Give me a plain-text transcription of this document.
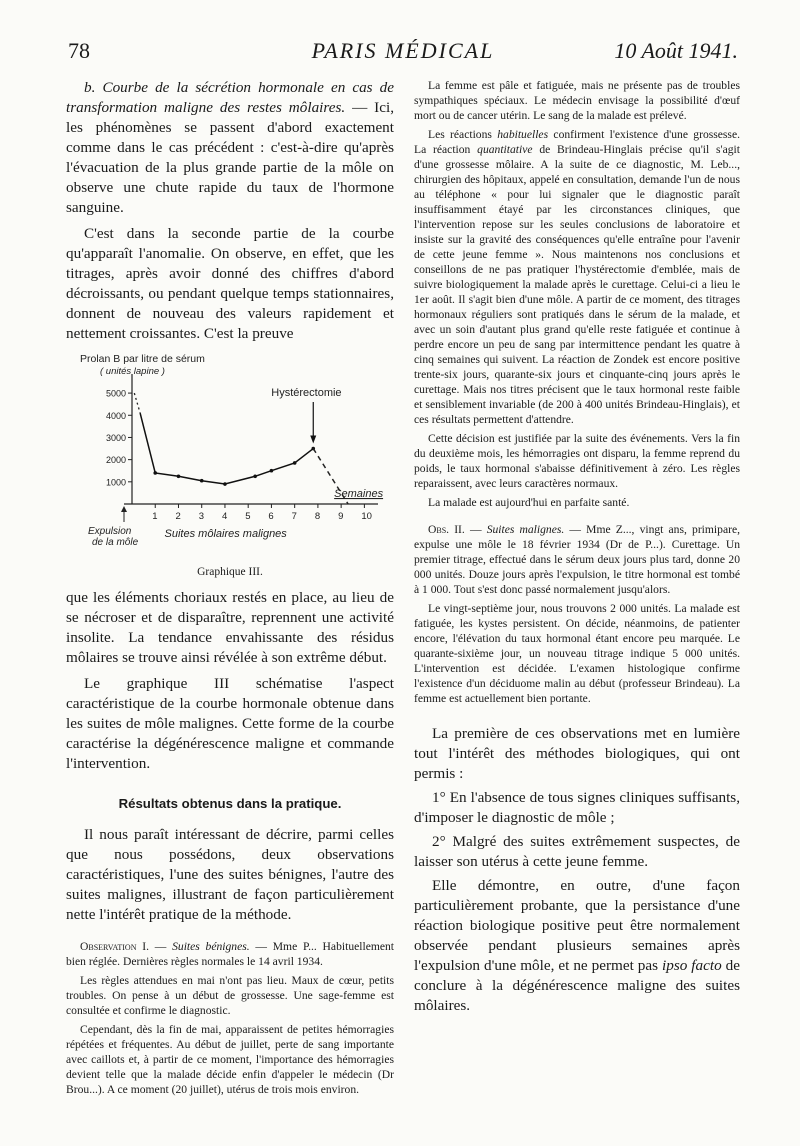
78	PARIS MÉDICAL	10 Août 1941.

b. Courbe de la sécrétion hormonale en cas de transformation maligne des restes môlaires. — Ici, les phénomènes se passent d'abord exactement comme dans le cas précédent : c'est-à-dire qu'après l'évacuation de la plus grande partie de la môle on observe une chute rapide du taux de l'hormone sanguine.

C'est dans la seconde partie de la courbe qu'apparaît l'anomalie. On observe, en effet, que les titrages, après avoir donné des chiffres d'abord décroissants, ou pendant quelque temps stationnaires, donnent de nouveau des valeurs rapidement et nettement croissantes. C'est la preuve

Prolan B par litre de sérum
( unités lapine )
1000
2000
3000
4000
5000
1 2 3 4 5 6 7 8 9 10
Expulsion
de la môle
Suites môlaires malignes
Semaines
Hystérectomie
Graphique III.

que les éléments choriaux restés en place, au lieu de se nécroser et de disparaître, reprennent une activité insolite. La tendance envahissante des résidus môlaires se trouve ainsi révélée à son extrême début.

Le graphique III schématise l'aspect caractéristique de la courbe hormonale obtenue dans les suites de môle malignes. Cette forme de la courbe caractérise la dégénérescence maligne et commande l'intervention.

Résultats obtenus dans la pratique.

Il nous paraît intéressant de décrire, parmi celles que nous possédons, deux observations caractéristiques, l'une des suites bénignes, l'autre des suites malignes, illustrant de façon particulièrement nette l'intérêt pratique de la méthode.

Observation I. — Suites bénignes. — Mme P... Habituellement bien réglée. Dernières règles normales le 14 avril 1934.

Les règles attendues en mai n'ont pas lieu. Maux de cœur, petits troubles. On pense à un début de grossesse. Une sage-femme est consultée et confirme le diagnostic.

Cependant, dès la fin de mai, apparaissent de petites hémorragies répétées et fréquentes. Au début de juillet, perte de sang importante avec caillots et, à partir de ce moment, l'importance des hémorragies devient telle que la malade décide enfin d'appeler le médecin (Dr Brou...). A ce moment (20 juillet), utérus de trois mois environ.

La femme est pâle et fatiguée, mais ne présente pas de troubles sympathiques spéciaux. Le médecin envisage la possibilité d'œuf mort ou de cancer utérin. Le sang de la malade est prélevé.

Les réactions habituelles confirment l'existence d'une grossesse. La réaction quantitative de Brindeau-Hinglais précise qu'il s'agit d'une grossesse môlaire. A la suite de ce diagnostic, M. Leb..., chirurgien des hôpitaux, appelé en consultation, demande l'un de nous au téléphone « pour lui signaler que le diagnostic paraît insuffisamment étayé par les circonstances cliniques, que l'intervention repose sur les seules conclusions de laboratoire et insiste sur la gravité des conséquences qu'elle entraîne pour l'avenir de cette jeune femme ». Nous maintenons nos conclusions et conseillons de ne pas pratiquer l'hystérectomie d'emblée, mais de suivre biologiquement la malade après le curettage. Celui-ci a lieu le 1er août. Il s'agit bien d'une môle. A partir de ce moment, des titrages hormonaux réguliers sont pratiqués dans le sérum de la malade, et avec un soin d'autant plus grand qu'elle reste fatiguée et continue à perdre encore un peu de sang par intermittence pendant les quatre à cinq semaines qui suivent. La réaction de Zondek est encore positive trente-six jours, quarante-six jours et cinquante-cinq jours après le curettage. Mais nos titres précisent que le taux hormonal reste faible et sensiblement invariable (de 200 à 400 unités Brindeau-Hinglais), et ces résultats permettent d'attendre.

Cette décision est justifiée par la suite des événements. Vers la fin du deuxième mois, les hémorragies ont disparu, la femme reprend du poids, le taux hormonal s'abaisse définitivement à zéro. Les règles reparaissent, avec leurs caractères normaux.

La malade est aujourd'hui en parfaite santé.

Obs. II. — Suites malignes. — Mme Z..., vingt ans, primipare, expulse une môle le 18 février 1934 (Dr de P...). Curettage. Un premier titrage, effectué dans le sérum deux jours plus tard, donne 20 000 unités. Douze jours après l'expulsion, le titre hormonal est tombé à 1 000. Tout s'est donc passé normalement jusqu'alors.

Le vingt-septième jour, nous trouvons 2 000 unités. La malade est fatiguée, les kystes persistent. On décide, néanmoins, de patienter encore, l'élévation du taux hormonal étant encore peu marquée. Le quarante-sixième jour, un nouveau titrage indique 5 000 unités. L'intervention est décidée. L'examen histologique confirme l'existence d'un déciduome malin au début (professeur Brindeau). La femme est actuellement bien portante.

La première de ces observations met en lumière tout l'intérêt des méthodes biologiques, qui ont permis :

1° En l'absence de tous signes cliniques suffisants, d'imposer le diagnostic de môle ;

2° Malgré des suites extrêmement suspectes, de laisser son utérus à cette jeune femme.

Elle démontre, en outre, d'une façon particulièrement probante, que la persistance d'une réaction biologique positive peut être normalement observée pendant plusieurs semaines après l'expulsion d'une môle, et ne permet pas ipso facto de conclure à la dégénérescence maligne des suites môlaires.
